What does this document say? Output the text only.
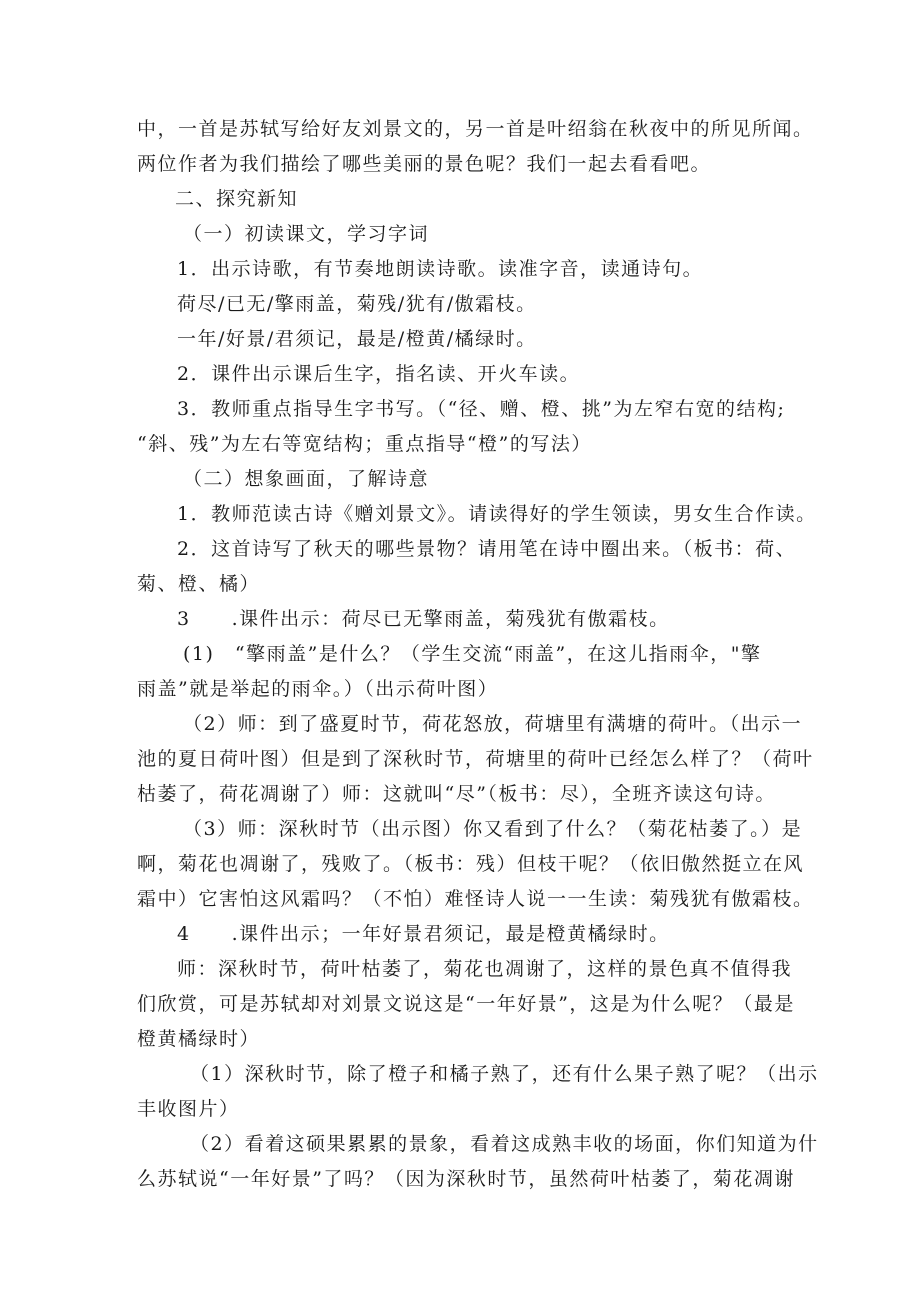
中，一首是苏轼写给好友刘景文的，另一首是叶绍翁在秋夜中的所见所闻。
两位作者为我们描绘了哪些美丽的景色呢？我们一起去看看吧。
二、探究新知
（一）初读课文，学习字词
1．出示诗歌，有节奏地朗读诗歌。读准字音，读通诗句。
荷尽/已无/擎雨盖，菊残/犹有/傲霜枝。
一年/好景/君须记，最是/橙黄/橘绿时。
2．课件出示课后生字，指名读、开火车读。
3．教师重点指导生字书写。（“径、赠、橙、挑”为左窄右宽的结构;
“斜、残”为左右等宽结构；重点指导“橙”的写法）
（二）想象画面，了解诗意
1．教师范读古诗《赠刘景文》。请读得好的学生领读，男女生合作读。
2．这首诗写了秋天的哪些景物？请用笔在诗中圈出来。（板书：荷、
菊、橙、橘）
3　　.课件出示：荷尽已无擎雨盖，菊残犹有傲霜枝。
(1)　“擎雨盖”是什么？（学生交流“雨盖”，在这儿指雨伞，"擎
雨盖”就是举起的雨伞。）（出示荷叶图）
（2）师：到了盛夏时节，荷花怒放，荷塘里有满塘的荷叶。（出示一
池的夏日荷叶图）但是到了深秋时节，荷塘里的荷叶已经怎么样了？（荷叶
枯萎了，荷花凋谢了）师：这就叫“尽”（板书：尽），全班齐读这句诗。
（3）师：深秋时节（出示图）你又看到了什么？（菊花枯萎了。）是
啊，菊花也凋谢了，残败了。（板书：残）但枝干呢？（依旧傲然挺立在风
霜中）它害怕这风霜吗？（不怕）难怪诗人说一一生读：菊残犹有傲霜枝。
4　　.课件出示；一年好景君须记，最是橙黄橘绿时。
师：深秋时节，荷叶枯萎了，菊花也凋谢了，这样的景色真不值得我
们欣赏，可是苏轼却对刘景文说这是“一年好景”，这是为什么呢？（最是
橙黄橘绿时）
（1）深秋时节，除了橙子和橘子熟了，还有什么果子熟了呢？（出示
丰收图片）
（2）看着这硕果累累的景象，看着这成熟丰收的场面，你们知道为什
么苏轼说“一年好景”了吗？（因为深秋时节，虽然荷叶枯萎了，菊花凋谢
